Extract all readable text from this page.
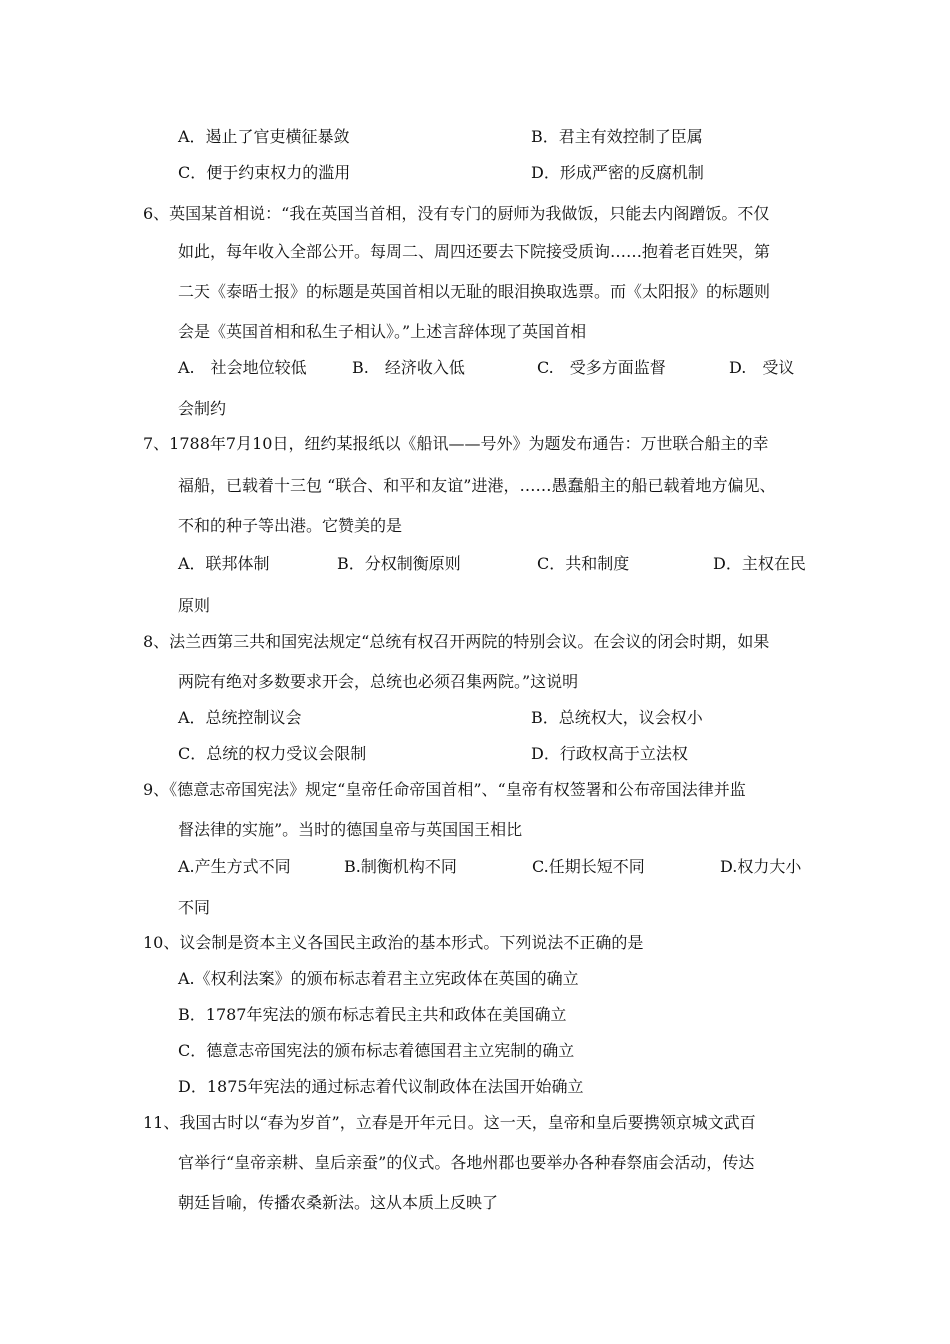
A．遏止了官吏横征暴敛	B．君主有效控制了臣属
C．便于约束权力的滥用	D．形成严密的反腐机制
6、英国某首相说：“我在英国当首相，没有专门的厨师为我做饭，只能去内阁蹭饭。不仅
如此，每年收入全部公开。每周二、周四还要去下院接受质询……抱着老百姓哭，第
二天《泰晤士报》的标题是英国首相以无耻的眼泪换取选票。而《太阳报》的标题则
会是《英国首相和私生子相认》。”上述言辞体现了英国首相
A.　社会地位较低	B.　经济收入低	C.　受多方面监督	D.　受议
会制约
7、1788年7月10日，纽约某报纸以《船讯——号外》为题发布通告：万世联合船主的幸
福船，已载着十三包 “联合、和平和友谊”进港，……愚蠢船主的船已载着地方偏见、
不和的种子等出港。它赞美的是
A．联邦体制	B．分权制衡原则	C．共和制度	D．主权在民
原则
8、法兰西第三共和国宪法规定“总统有权召开两院的特别会议。在会议的闭会时期，如果
两院有绝对多数要求开会，总统也必须召集两院。”这说明
A．总统控制议会	B．总统权大，议会权小
C．总统的权力受议会限制	D．行政权高于立法权
9、《德意志帝国宪法》规定“皇帝任命帝国首相”、“皇帝有权签署和公布帝国法律并监
督法律的实施”。当时的德国皇帝与英国国王相比
A.产生方式不同	B.制衡机构不同	C.任期长短不同	D.权力大小
不同
10、议会制是资本主义各国民主政治的基本形式。下列说法不正确的是
A.《权利法案》的颁布标志着君主立宪政体在英国的确立
B．1787年宪法的颁布标志着民主共和政体在美国确立
C．德意志帝国宪法的颁布标志着德国君主立宪制的确立
D．1875年宪法的通过标志着代议制政体在法国开始确立
11、我国古时以“春为岁首”，立春是开年元日。这一天，皇帝和皇后要携领京城文武百
官举行“皇帝亲耕、皇后亲蚕”的仪式。各地州郡也要举办各种春祭庙会活动，传达
朝廷旨喻，传播农桑新法。这从本质上反映了
